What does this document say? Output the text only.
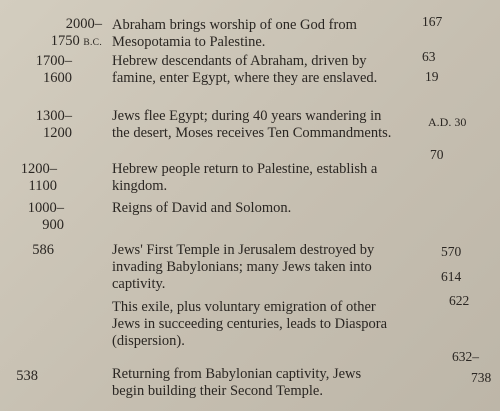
2000–
1750 B.C.

Abraham brings worship of one God from Mesopotamia to Palestine.

1700–
1600

Hebrew descendants of Abraham, driven by famine, enter Egypt, where they are enslaved.

1300–
1200

Jews flee Egypt; during 40 years wandering in the desert, Moses receives Ten Commandments.

1200–
1100

Hebrew people return to Palestine, establish a kingdom.

1000–
900

Reigns of David and Solomon.

586	Jews' First Temple in Jerusalem destroyed by invading Babylonians; many Jews taken into captivity.

This exile, plus voluntary emigration of other Jews in succeeding centuries, leads to Diaspora (dispersion).

538	Returning from Babylonian captivity, Jews begin building their Second Temple.

167
63
19
A.D. 30
70
570
614
622
632–
738
